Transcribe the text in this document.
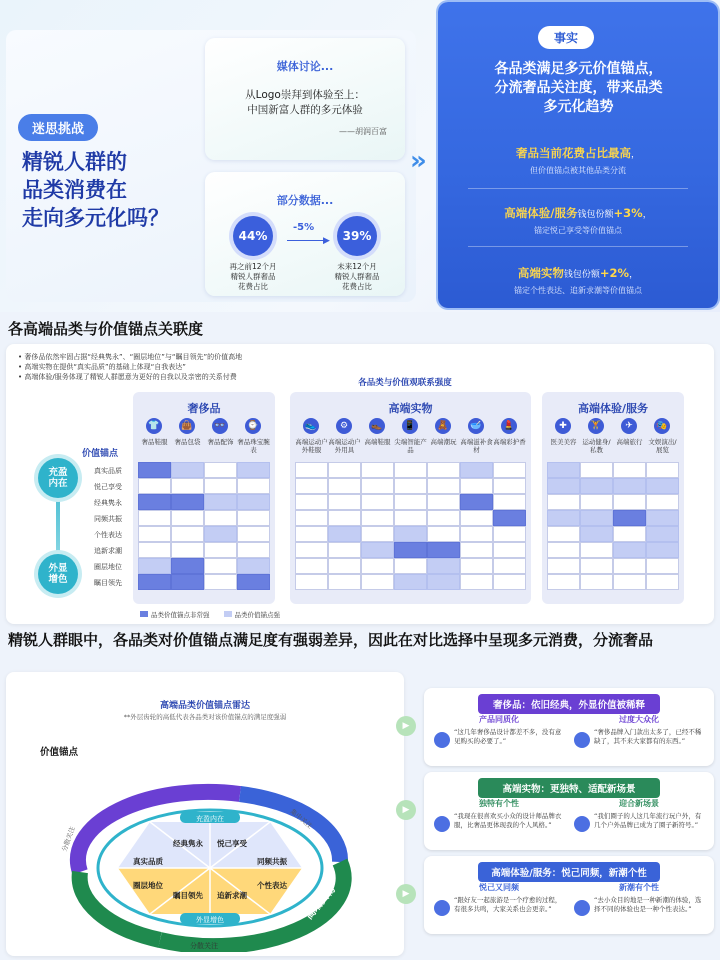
迷思挑战
精锐人群的
品类消费在
走向多元化吗？
媒体讨论...
从Logo崇拜到体验至上：
中国新富人群的多元体验
——胡润百富
部分数据...
44%
-5%
▶	39%
再之前12个月
精锐人群奢品
花费占比
未来12个月
精锐人群奢品
花费占比
»
事实
各品类满足多元价值锚点，
分流奢品关注度，带来品类
多元化趋势
奢品当前花费占比最高，
但价值锚点被其他品类分流
高端体验/服务钱包份额+3%，
锚定悦己享受等价值锚点
高端实物钱包份额+2%，
锚定个性表达、追新求潮等价值锚点
各高端品类与价值锚点关联度
• 奢侈品依然牢固占据“经典隽永”、“圈层地位”与“瞩目领先”的价值高地
• 高端实物在提供“真实品质”的基础上体现“自我表达”
• 高端体验/服务体现了精锐人群愿意为更好的自我以及亲密的关系付费
各品类与价值观联系强度
价值锚点
充盈内在
外显增色
真实品质
悦己享受
经典隽永
同频共振
个性表达
追新求潮
圈层地位
瞩目领先
奢侈品
👕
奢品鞋服
👜
奢品包袋
👓
奢品配饰
⌚
奢品珠宝腕表
高端实物
👟
高端运动户外鞋服
⚙
高端运动户外用具
👞
高端鞋服
📱
尖端智能产品
🧸
高端潮玩
🥣
高端滋补食材
💄
高端彩护香
高端体验/服务
✚
医美美容
🏋
运动健身/私教
✈
高端旅行
🎭
文娱演出/展览
品类价值锚点非常强	品类价值锚点强
精锐人群眼中，各品类对价值锚点满足度有强弱差异，因此在对比选择中呈现多元消费，分流奢品
高端品类价值锚点雷达
**外层齿轮的高低代表各品类对该价值锚点的满足度强弱
价值锚点
充盈内在
外显增色
经典隽永 悦己享受
同频共振
真实品质
圈层地位
瞩目领先 追新求潮
个性表达
奢侈品
高端体验/服务
高端实物
分散关注
分散关注
集中关注
▶
▶
▶
奢侈品：依旧经典，外显价值被稀释
产品同质化	过度大众化
“这几年奢侈品设计都差不多，没有意见购买的必要了。”
“奢侈品牌入门款出太多了，已经不稀缺了，其不来大家都有的东西。”
高端实物：更独特、适配新场景
独特有个性	迎合新场景
“我现在很喜欢买小众的设计师品牌衣服，比奢品更体现我的个人风格。”
“我们圈子的人这几年流行玩户外，有几个户外品牌已成为了圈子新符号。”
高端体验/服务：悦己同频，新潮个性
悦己又同频	新潮有个性
“跟好友一起旅游是一个疗愈的过程，有很多共鸣，大家关系也会更亲。”
“去小众目的地是一种新潮的体验，选择不同的体验也是一种个性表达。”
